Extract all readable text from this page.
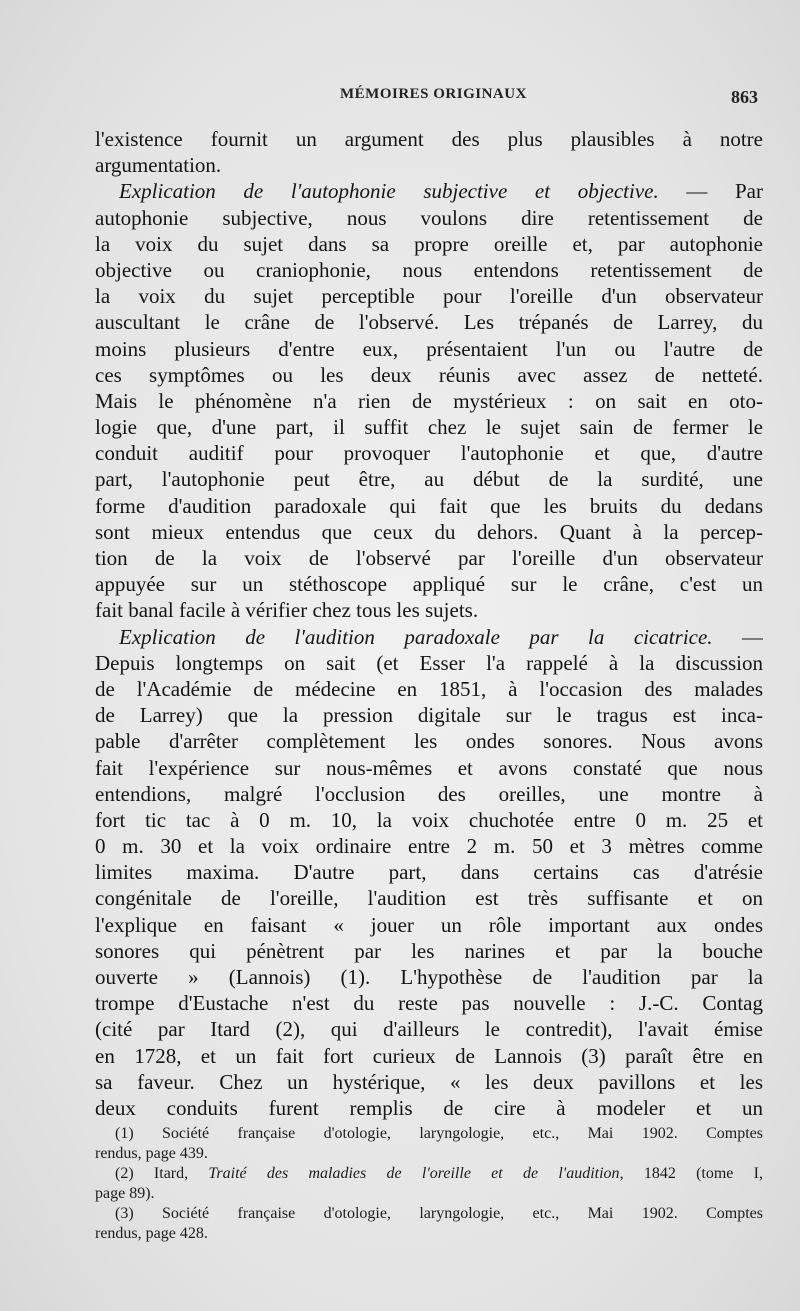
MÉMOIRES ORIGINAUX	863
l'existence fournit un argument des plus plausibles à notre
argumentation.
Explication de l'autophonie subjective et objective. — Par
autophonie subjective, nous voulons dire retentissement de
la voix du sujet dans sa propre oreille et, par autophonie
objective ou craniophonie, nous entendons retentissement de
la voix du sujet perceptible pour l'oreille d'un observateur
auscultant le crâne de l'observé. Les trépanés de Larrey, du
moins plusieurs d'entre eux, présentaient l'un ou l'autre de
ces symptômes ou les deux réunis avec assez de netteté.
Mais le phénomène n'a rien de mystérieux : on sait en oto-
logie que, d'une part, il suffit chez le sujet sain de fermer le
conduit auditif pour provoquer l'autophonie et que, d'autre
part, l'autophonie peut être, au début de la surdité, une
forme d'audition paradoxale qui fait que les bruits du dedans
sont mieux entendus que ceux du dehors. Quant à la percep-
tion de la voix de l'observé par l'oreille d'un observateur
appuyée sur un stéthoscope appliqué sur le crâne, c'est un
fait banal facile à vérifier chez tous les sujets.
Explication de l'audition paradoxale par la cicatrice. —
Depuis longtemps on sait (et Esser l'a rappelé à la discussion
de l'Académie de médecine en 1851, à l'occasion des malades
de Larrey) que la pression digitale sur le tragus est inca-
pable d'arrêter complètement les ondes sonores. Nous avons
fait l'expérience sur nous-mêmes et avons constaté que nous
entendions, malgré l'occlusion des oreilles, une montre à
fort tic tac à 0 m. 10, la voix chuchotée entre 0 m. 25 et
0 m. 30 et la voix ordinaire entre 2 m. 50 et 3 mètres comme
limites maxima. D'autre part, dans certains cas d'atrésie
congénitale de l'oreille, l'audition est très suffisante et on
l'explique en faisant « jouer un rôle important aux ondes
sonores qui pénètrent par les narines et par la bouche
ouverte » (Lannois) (1). L'hypothèse de l'audition par la
trompe d'Eustache n'est du reste pas nouvelle : J.-C. Contag
(cité par Itard (2), qui d'ailleurs le contredit), l'avait émise
en 1728, et un fait fort curieux de Lannois (3) paraît être en
sa faveur. Chez un hystérique, « les deux pavillons et les
deux conduits furent remplis de cire à modeler et un
(1) Société française d'otologie, laryngologie, etc., Mai 1902. Comptes
rendus, page 439.
(2) Itard, Traité des maladies de l'oreille et de l'audition, 1842 (tome I,
page 89).
(3) Société française d'otologie, laryngologie, etc., Mai 1902. Comptes
rendus, page 428.
